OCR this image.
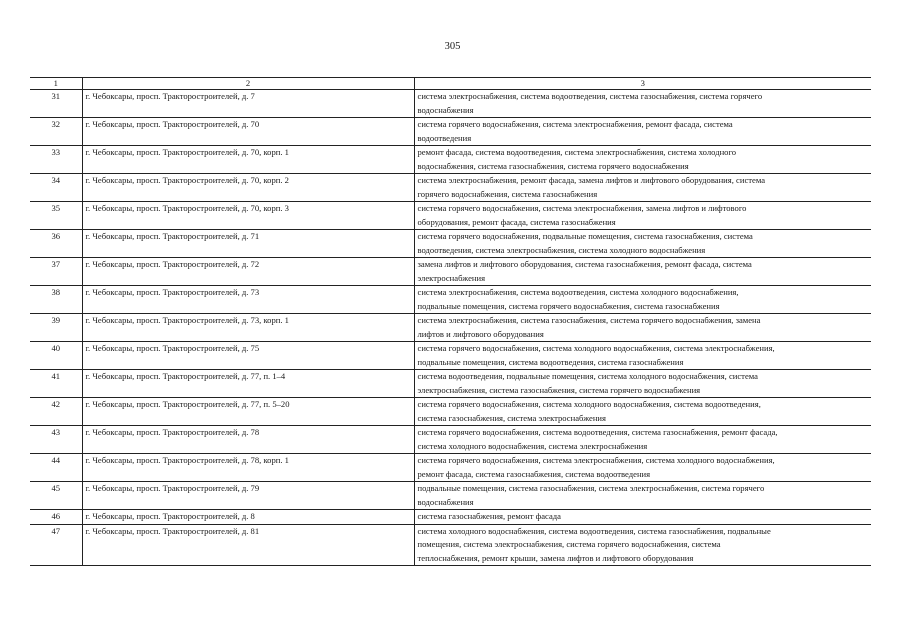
305
1	2	3
31	г. Чебоксары, просп. Тракторостроителей, д. 7	система электроснабжения, система водоотведения, система газоснабжения, система горячего
водоснабжения

32	г. Чебоксары, просп. Тракторостроителей, д. 70	система горячего водоснабжения, система электроснабжения, ремонт фасада, система
водоотведения

33	г. Чебоксары, просп. Тракторостроителей, д. 70, корп. 1	ремонт фасада, система водоотведения, система электроснабжения, система холодного
водоснабжения, система газоснабжения, система горячего водоснабжения

34	г. Чебоксары, просп. Тракторостроителей, д. 70, корп. 2	система электроснабжения, ремонт фасада, замена лифтов и лифтового оборудования, система
горячего водоснабжения, система газоснабжения

35	г. Чебоксары, просп. Тракторостроителей, д. 70, корп. 3	система горячего водоснабжения, система электроснабжения, замена лифтов и лифтового
оборудования, ремонт фасада, система газоснабжения

36	г. Чебоксары, просп. Тракторостроителей, д. 71	система горячего водоснабжения, подвальные помещения, система газоснабжения, система
водоотведения, система электроснабжения, система холодного водоснабжения

37	г. Чебоксары, просп. Тракторостроителей, д. 72	замена лифтов и лифтового оборудования, система газоснабжения, ремонт фасада, система
электроснабжения

38	г. Чебоксары, просп. Тракторостроителей, д. 73	система электроснабжения, система водоотведения, система холодного водоснабжения,
подвальные помещения, система горячего водоснабжения, система газоснабжения

39	г. Чебоксары, просп. Тракторостроителей, д. 73, корп. 1	система электроснабжения, система газоснабжения, система горячего водоснабжения, замена
лифтов и лифтового оборудования

40	г. Чебоксары, просп. Тракторостроителей, д. 75	система горячего водоснабжения, система холодного водоснабжения, система электроснабжения,
подвальные помещения, система водоотведения, система газоснабжения

41	г. Чебоксары, просп. Тракторостроителей, д. 77, п. 1–4	система водоотведения, подвальные помещения, система холодного водоснабжения, система
электроснабжения, система газоснабжения, система горячего водоснабжения

42	г. Чебоксары, просп. Тракторостроителей, д. 77, п. 5–20	система горячего водоснабжения, система холодного водоснабжения, система водоотведения,
система газоснабжения, система электроснабжения

43	г. Чебоксары, просп. Тракторостроителей, д. 78	система горячего водоснабжения, система водоотведения, система газоснабжения, ремонт фасада,
система холодного водоснабжения, система электроснабжения

44	г. Чебоксары, просп. Тракторостроителей, д. 78, корп. 1	система горячего водоснабжения, система электроснабжения, система холодного водоснабжения,
ремонт фасада, система газоснабжения, система водоотведения

45	г. Чебоксары, просп. Тракторостроителей, д. 79	подвальные помещения, система газоснабжения, система электроснабжения, система горячего
водоснабжения

46	г. Чебоксары, просп. Тракторостроителей, д. 8	система газоснабжения, ремонт фасада

47	г. Чебоксары, просп. Тракторостроителей, д. 81	система холодного водоснабжения, система водоотведения, система газоснабжения, подвальные
помещения, система электроснабжения, система горячего водоснабжения, система
теплоснабжения, ремонт крыши, замена лифтов и лифтового оборудования
